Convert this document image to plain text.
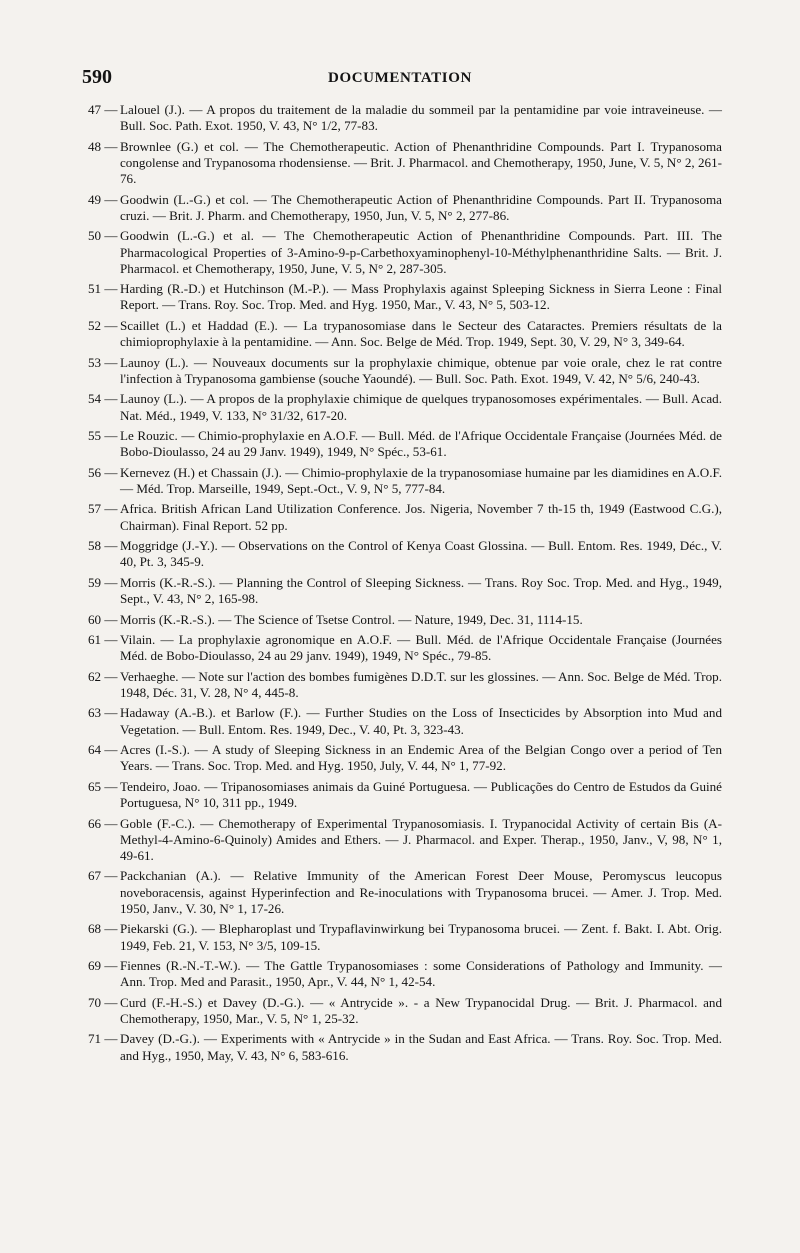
590	DOCUMENTATION
47 — Lalouel (J.). — A propos du traitement de la maladie du sommeil par la pentamidine par voie intraveineuse. — Bull. Soc. Path. Exot. 1950, V. 43, N° 1/2, 77-83.
48 — Brownlee (G.) et col. — The Chemotherapeutic. Action of Phenanthridine Compounds. Part I. Trypanosoma congolense and Trypanosoma rhodensiense. — Brit. J. Pharmacol. and Chemotherapy, 1950, June, V. 5, N° 2, 261-76.
49 — Goodwin (L.-G.) et col. — The Chemotherapeutic Action of Phenanthridine Compounds. Part II. Trypanosoma cruzi. — Brit. J. Pharm. and Chemotherapy, 1950, Jun, V. 5, N° 2, 277-86.
50 — Goodwin (L.-G.) et al. — The Chemotherapeutic Action of Phenanthridine Compounds. Part. III. The Pharmacological Properties of 3-Amino-9-p-Carbethoxyaminophenyl-10-Méthylphenanthridine Salts. — Brit. J. Pharmacol. et Chemotherapy, 1950, June, V. 5, N° 2, 287-305.
51 — Harding (R.-D.) et Hutchinson (M.-P.). — Mass Prophylaxis against Spleeping Sickness in Sierra Leone : Final Report. — Trans. Roy. Soc. Trop. Med. and Hyg. 1950, Mar., V. 43, N° 5, 503-12.
52 — Scaillet (L.) et Haddad (E.). — La trypanosomiase dans le Secteur des Cataractes. Premiers résultats de la chimioprophylaxie à la pentamidine. — Ann. Soc. Belge de Méd. Trop. 1949, Sept. 30, V. 29, N° 3, 349-64.
53 — Launoy (L.). — Nouveaux documents sur la prophylaxie chimique, obtenue par voie orale, chez le rat contre l'infection à Trypanosoma gambiense (souche Yaoundé). — Bull. Soc. Path. Exot. 1949, V. 42, N° 5/6, 240-43.
54 — Launoy (L.). — A propos de la prophylaxie chimique de quelques trypanosomoses expérimentales. — Bull. Acad. Nat. Méd., 1949, V. 133, N° 31/32, 617-20.
55 — Le Rouzic. — Chimio-prophylaxie en A.O.F. — Bull. Méd. de l'Afrique Occidentale Française (Journées Méd. de Bobo-Dioulasso, 24 au 29 Janv. 1949), 1949, N° Spéc., 53-61.
56 — Kernevez (H.) et Chassain (J.). — Chimio-prophylaxie de la trypanosomiase humaine par les diamidines en A.O.F. — Méd. Trop. Marseille, 1949, Sept.-Oct., V. 9, N° 5, 777-84.
57 — Africa. British African Land Utilization Conference. Jos. Nigeria, November 7 th-15 th, 1949 (Eastwood C.G.), Chairman). Final Report. 52 pp.
58 — Moggridge (J.-Y.). — Observations on the Control of Kenya Coast Glossina. — Bull. Entom. Res. 1949, Déc., V. 40, Pt. 3, 345-9.
59 — Morris (K.-R.-S.). — Planning the Control of Sleeping Sickness. — Trans. Roy Soc. Trop. Med. and Hyg., 1949, Sept., V. 43, N° 2, 165-98.
60 — Morris (K.-R.-S.). — The Science of Tsetse Control. — Nature, 1949, Dec. 31, 1114-15.
61 — Vilain. — La prophylaxie agronomique en A.O.F. — Bull. Méd. de l'Afrique Occidentale Française (Journées Méd. de Bobo-Dioulasso, 24 au 29 janv. 1949), 1949, N° Spéc., 79-85.
62 — Verhaeghe. — Note sur l'action des bombes fumigènes D.D.T. sur les glossines. — Ann. Soc. Belge de Méd. Trop. 1948, Déc. 31, V. 28, N° 4, 445-8.
63 — Hadaway (A.-B.). et Barlow (F.). — Further Studies on the Loss of Insecticides by Absorption into Mud and Vegetation. — Bull. Entom. Res. 1949, Dec., V. 40, Pt. 3, 323-43.
64 — Acres (I.-S.). — A study of Sleeping Sickness in an Endemic Area of the Belgian Congo over a period of Ten Years. — Trans. Soc. Trop. Med. and Hyg. 1950, July, V. 44, N° 1, 77-92.
65 — Tendeiro, Joao. — Tripanosomiases animais da Guiné Portuguesa. — Publicações do Centro de Estudos da Guiné Portuguesa, N° 10, 311 pp., 1949.
66 — Goble (F.-C.). — Chemotherapy of Experimental Trypanosomiasis. I. Trypanocidal Activity of certain Bis (A-Methyl-4-Amino-6-Quinoly) Amides and Ethers. — J. Pharmacol. and Exper. Therap., 1950, Janv., V, 98, N° 1, 49-61.
67 — Packchanian (A.). — Relative Immunity of the American Forest Deer Mouse, Peromyscus leucopus noveboracensis, against Hyperinfection and Re-inoculations with Trypanosoma brucei. — Amer. J. Trop. Med. 1950, Janv., V. 30, N° 1, 17-26.
68 — Piekarski (G.). — Blepharoplast und Trypaflavinwirkung bei Trypanosoma brucei. — Zent. f. Bakt. I. Abt. Orig. 1949, Feb. 21, V. 153, N° 3/5, 109-15.
69 — Fiennes (R.-N.-T.-W.). — The Gattle Trypanosomiases : some Considerations of Pathology and Immunity. — Ann. Trop. Med and Parasit., 1950, Apr., V. 44, N° 1, 42-54.
70 — Curd (F.-H.-S.) et Davey (D.-G.). — « Antrycide ». - a New Trypanocidal Drug. — Brit. J. Pharmacol. and Chemotherapy, 1950, Mar., V. 5, N° 1, 25-32.
71 — Davey (D.-G.). — Experiments with « Antrycide » in the Sudan and East Africa. — Trans. Roy. Soc. Trop. Med. and Hyg., 1950, May, V. 43, N° 6, 583-616.
